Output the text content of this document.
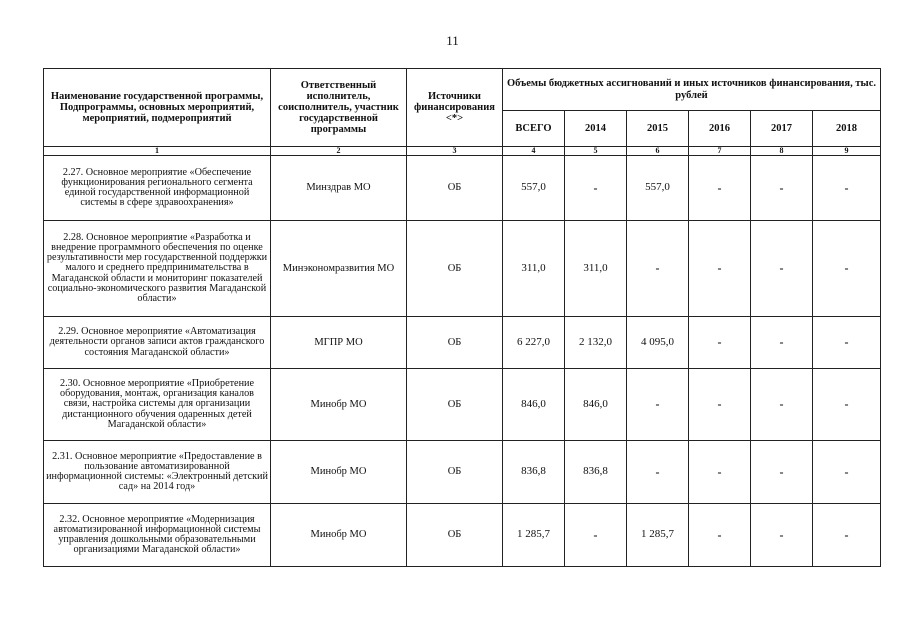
11
Наименование государственной программы, Подпрограммы, основных мероприятий, мероприятий, подмероприятий	Ответственный исполнитель, соисполнитель, участник государственной программы	Источники финансирования <*>	Объемы бюджетных ассигнований и иных источников финансирования, тыс. рублей					
			ВСЕГО	2014	2015	2016	2017	2018
1	2	3	4	5	6	7	8	9
2.27. Основное мероприятие «Обеспечение функционирования регионального сегмента единой государственной информационной системы в сфере здравоохранения»	Минздрав МО	ОБ	557,0	-	557,0	-	-	-
2.28. Основное мероприятие «Разработка и внедрение программного обеспечения по оценке результативности мер государственной поддержки малого и среднего предпринимательства в Магаданской области и мониторинг показателей социально-экономического развития Магаданской области»	Минэкономразвития МО	ОБ	311,0	311,0	-	-	-	-
2.29. Основное мероприятие «Автоматизация деятельности органов записи актов гражданского состояния Магаданской области»	МГПР МО	ОБ	6 227,0	2 132,0	4 095,0	-	-	-
2.30. Основное мероприятие «Приобретение оборудования, монтаж, организация каналов связи, настройка системы для организации дистанционного обучения одаренных детей Магаданской области»	Минобр МО	ОБ	846,0	846,0	-	-	-	-
2.31. Основное мероприятие «Предоставление в пользование автоматизированной информационной системы: «Электронный детский сад» на 2014 год»	Минобр МО	ОБ	836,8	836,8	-	-	-	-
2.32. Основное мероприятие «Модернизация автоматизированной информационной системы управления дошкольными образовательными организациями Магаданской области»	Минобр МО	ОБ	1 285,7	-	1 285,7	-	-	-
